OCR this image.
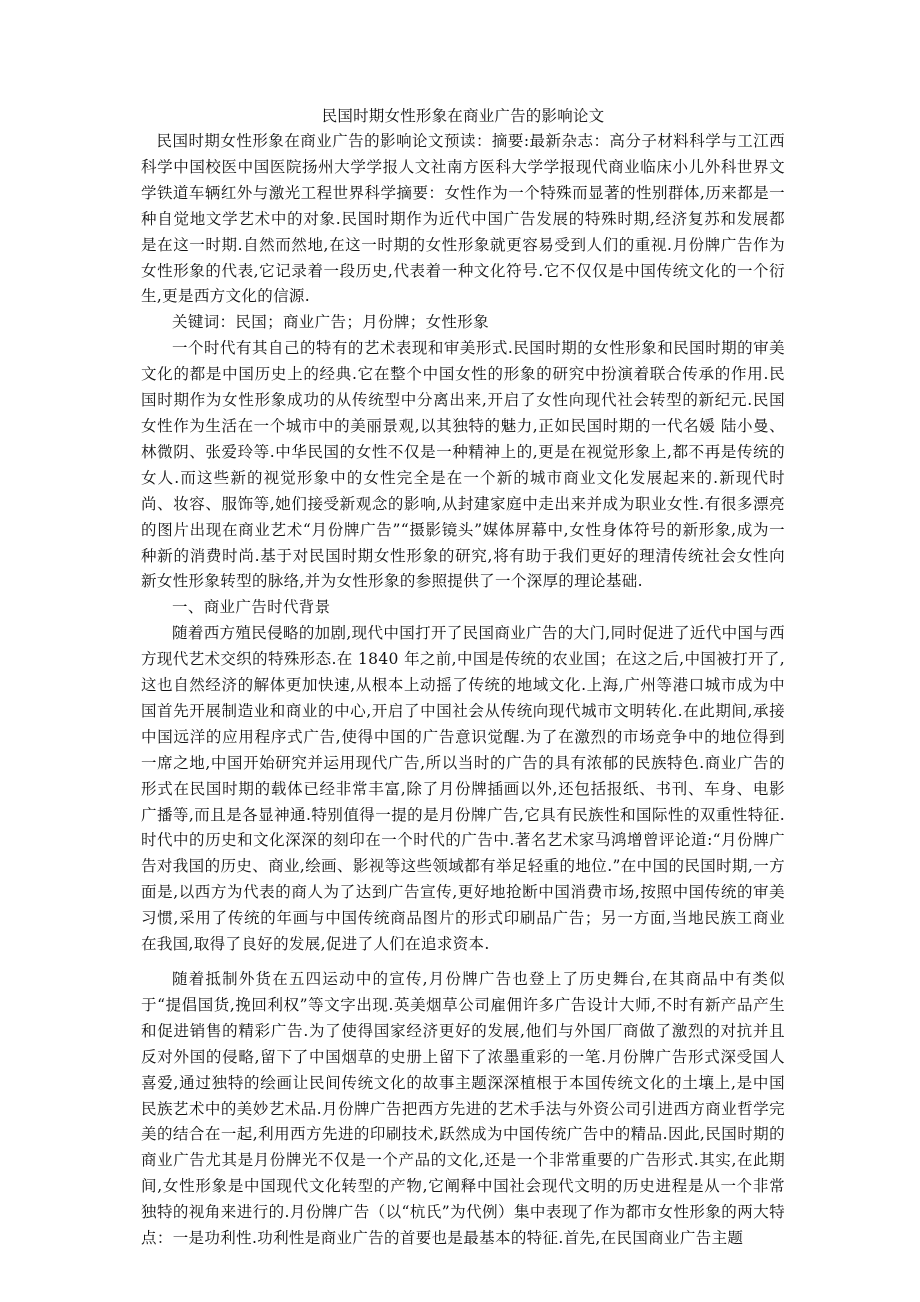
民国时期女性形象在商业广告的影响论文

民国时期女性形象在商业广告的影响论文预读：摘要:最新杂志：高分子材料科学与工江西科学中国校医中国医院扬州大学学报人文社南方医科大学学报现代商业临床小儿外科世界文学铁道车辆红外与激光工程世界科学摘要：女性作为一个特殊而显著的性别群体,历来都是一种自觉地文学艺术中的对象.民国时期作为近代中国广告发展的特殊时期,经济复苏和发展都是在这一时期.自然而然地,在这一时期的女性形象就更容易受到人们的重视.月份牌广告作为女性形象的代表,它记录着一段历史,代表着一种文化符号.它不仅仅是中国传统文化的一个衍生,更是西方文化的信源.

关键词：民国；商业广告；月份牌；女性形象

一个时代有其自己的特有的艺术表现和审美形式.民国时期的女性形象和民国时期的审美文化的都是中国历史上的经典.它在整个中国女性的形象的研究中扮演着联合传承的作用.民国时期作为女性形象成功的从传统型中分离出来,开启了女性向现代社会转型的新纪元.民国女性作为生活在一个城市中的美丽景观,以其独特的魅力,正如民国时期的一代名媛 陆小曼、林微阴、张爱玲等.中华民国的女性不仅是一种精神上的,更是在视觉形象上,都不再是传统的女人.而这些新的视觉形象中的女性完全是在一个新的城市商业文化发展起来的.新现代时尚、妆容、服饰等,她们接受新观念的影响,从封建家庭中走出来并成为职业女性.有很多漂亮的图片出现在商业艺术“月份牌广告”“摄影镜头”媒体屏幕中,女性身体符号的新形象,成为一种新的消费时尚.基于对民国时期女性形象的研究,将有助于我们更好的理清传统社会女性向新女性形象转型的脉络,并为女性形象的参照提供了一个深厚的理论基础.

一、商业广告时代背景

随着西方殖民侵略的加剧,现代中国打开了民国商业广告的大门,同时促进了近代中国与西方现代艺术交织的特殊形态.在 1840 年之前,中国是传统的农业国；在这之后,中国被打开了,这也自然经济的解体更加快速,从根本上动摇了传统的地域文化.上海,广州等港口城市成为中国首先开展制造业和商业的中心,开启了中国社会从传统向现代城市文明转化.在此期间,承接中国远洋的应用程序式广告,使得中国的广告意识觉醒.为了在激烈的市场竞争中的地位得到一席之地,中国开始研究并运用现代广告,所以当时的广告的具有浓郁的民族特色.商业广告的形式在民国时期的载体已经非常丰富,除了月份牌插画以外,还包括报纸、书刊、车身、电影广播等,而且是各显神通.特别值得一提的是月份牌广告,它具有民族性和国际性的双重性特征.时代中的历史和文化深深的刻印在一个时代的广告中.著名艺术家马鸿增曾评论道:“月份牌广告对我国的历史、商业,绘画、影视等这些领域都有举足轻重的地位.”在中国的民国时期,一方面是,以西方为代表的商人为了达到广告宣传,更好地抢断中国消费市场,按照中国传统的审美习惯,采用了传统的年画与中国传统商品图片的形式印刷品广告；另一方面,当地民族工商业在我国,取得了良好的发展,促进了人们在追求资本.

随着抵制外货在五四运动中的宣传,月份牌广告也登上了历史舞台,在其商品中有类似于“提倡国货,挽回利权”等文字出现.英美烟草公司雇佣许多广告设计大师,不时有新产品产生和促进销售的精彩广告.为了使得国家经济更好的发展,他们与外国厂商做了激烈的对抗并且反对外国的侵略,留下了中国烟草的史册上留下了浓墨重彩的一笔.月份牌广告形式深受国人喜爱,通过独特的绘画让民间传统文化的故事主题深深植根于本国传统文化的土壤上,是中国民族艺术中的美妙艺术品.月份牌广告把西方先进的艺术手法与外资公司引进西方商业哲学完美的结合在一起,利用西方先进的印刷技术,跃然成为中国传统广告中的精品.因此,民国时期的商业广告尤其是月份牌光不仅是一个产品的文化,还是一个非常重要的广告形式.其实,在此期间,女性形象是中国现代文化转型的产物,它阐释中国社会现代文明的历史进程是从一个非常独特的视角来进行的.月份牌广告（以“杭氏”为代例）集中表现了作为都市女性形象的两大特点：一是功利性.功利性是商业广告的首要也是最基本的特征.首先,在民国商业广告主题
